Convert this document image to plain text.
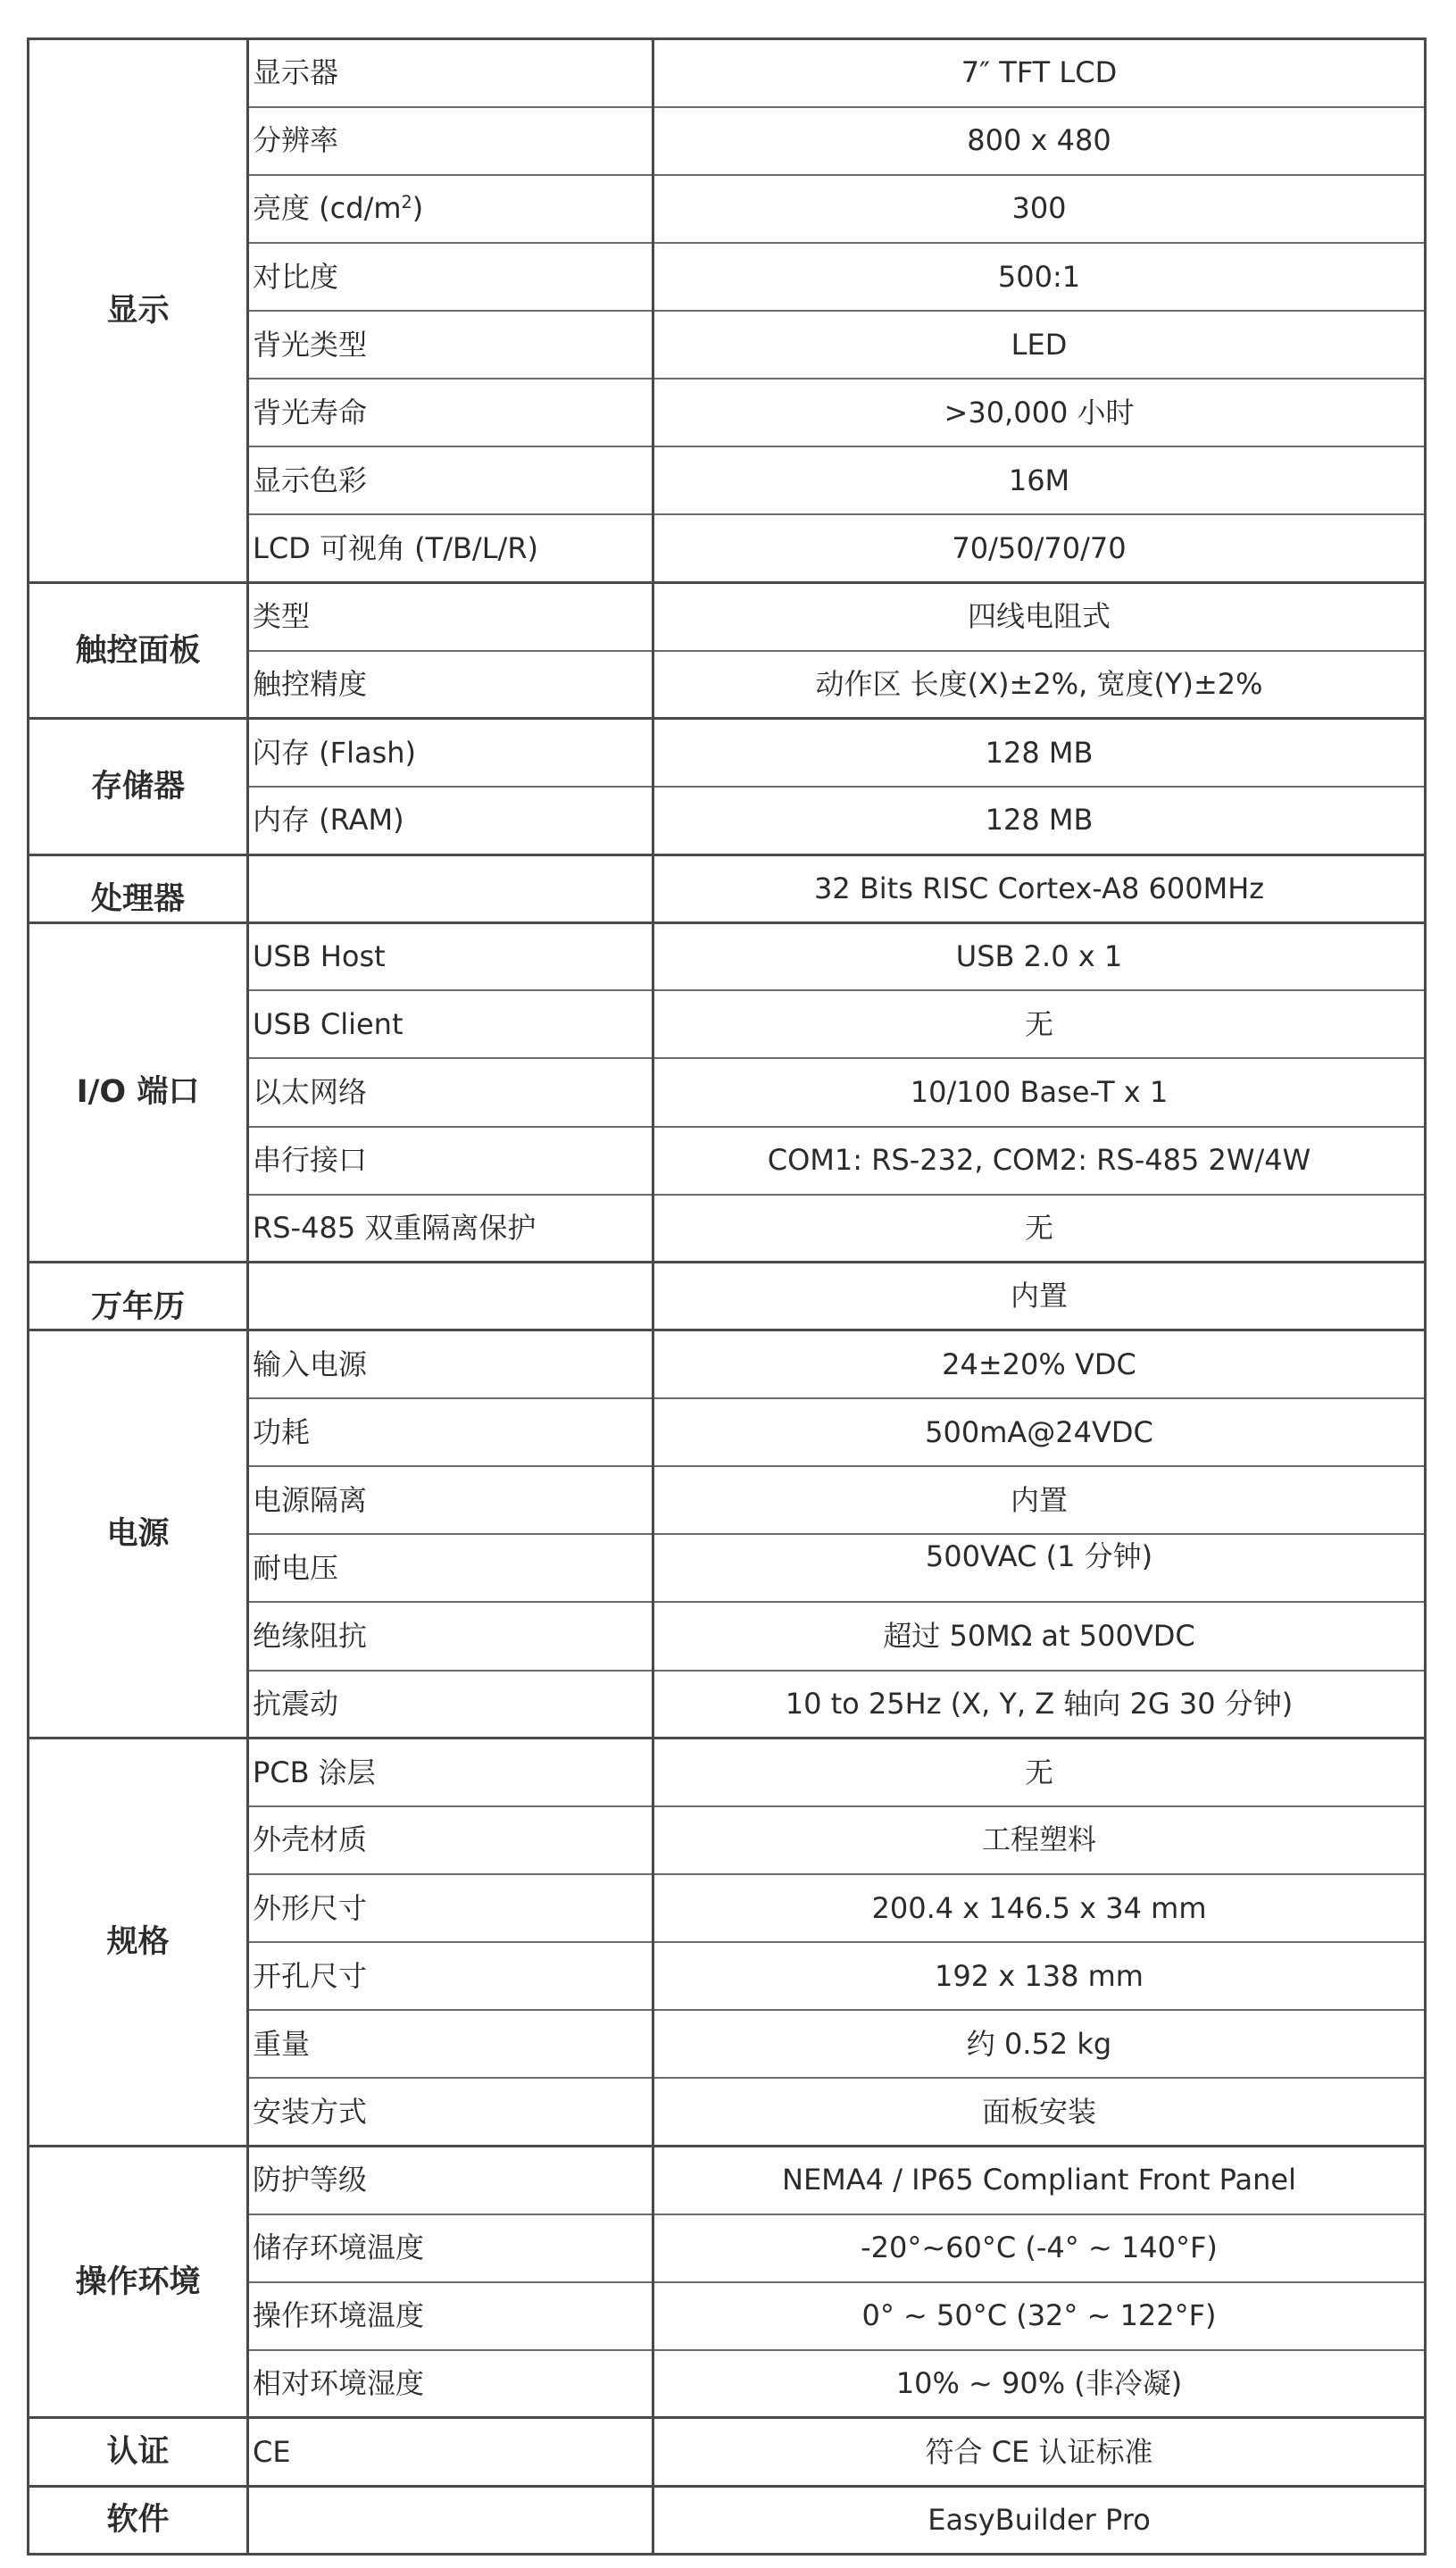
显示	显示器	7″ TFT LCD
	分辨率	800 x 480
	亮度 $(cd/m^2)$	300
	对比度	500:1
	背光类型	LED
	背光寿命	>30,000 小时
	显示色彩	16M
	LCD 可视角 (T/B/L/R)	70/50/70/70
触控面板	类型	四线电阻式
	触控精度	动作区 长度(X)±2%, 宽度(Y)±2%
存储器	闪存 (Flash)	128 MB
	内存 (RAM)	128 MB
处理器		32 Bits RISC Cortex-A8 600MHz
I/O 端口	USB Host	USB 2.0 x 1
	USB Client	无
	以太网络	10/100 Base-T x 1
	串行接口	COM1: RS-232, COM2: RS-485 2W/4W
	RS-485 双重隔离保护	无
万年历		内置
电源	输入电源	24±20% VDC
	功耗	500mA@24VDC
	电源隔离	内置
	耐电压	500VAC (1 分钟)
	绝缘阻抗	超过 50MΩ at 500VDC
	抗震动	10 to 25Hz (X, Y, Z 轴向 2G 30 分钟)
规格	PCB 涂层	无
	外壳材质	工程塑料
	外形尺寸	200.4 x 146.5 x 34 mm
	开孔尺寸	192 x 138 mm
	重量	约 0.52 kg
	安装方式	面板安装
操作环境	防护等级	NEMA4 / IP65 Compliant Front Panel
	储存环境温度	-20°~60°C (-4° ~ 140°F)
	操作环境温度	0° ~ 50°C (32° ~ 122°F)
	相对环境湿度	10% ~ 90% (非冷凝)
认证	CE	符合 CE 认证标准
软件		EasyBuilder Pro
